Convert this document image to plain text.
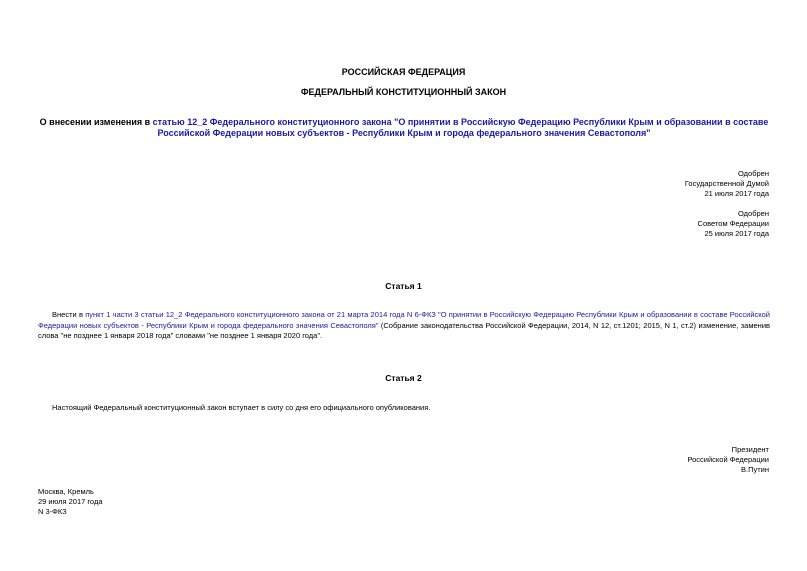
РОССИЙСКАЯ ФЕДЕРАЦИЯ
ФЕДЕРАЛЬНЫЙ КОНСТИТУЦИОННЫЙ ЗАКОН
О внесении изменения в статью 12_2 Федерального конституционного закона "О принятии в Российскую Федерацию Республики Крым и образовании в составе
Российской Федерации новых субъектов - Республики Крым и города федерального значения Севастополя"
Одобрен
Государственной Думой
21 июля 2017 года
Одобрен
Советом Федерации
25 июля 2017 года
Статья 1
Внести в пункт 1 части 3 статьи 12_2 Федерального конституционного закона от 21 марта 2014 года N 6-ФКЗ "О принятии в Российскую Федерацию Республики Крым и образовании в составе Российской Федерации новых субъектов - Республики Крым и города федерального значения Севастополя" (Собрание законодательства Российской Федерации, 2014, N 12, ст.1201; 2015, N 1, ст.2) изменение, заменив слова "не позднее 1 января 2018 года" словами "не позднее 1 января 2020 года".
Статья 2
Настоящий Федеральный конституционный закон вступает в силу со дня его официального опубликования.
Президент
Российской Федерации
В.Путин
Москва, Кремль
29 июля 2017 года
N 3-ФКЗ
